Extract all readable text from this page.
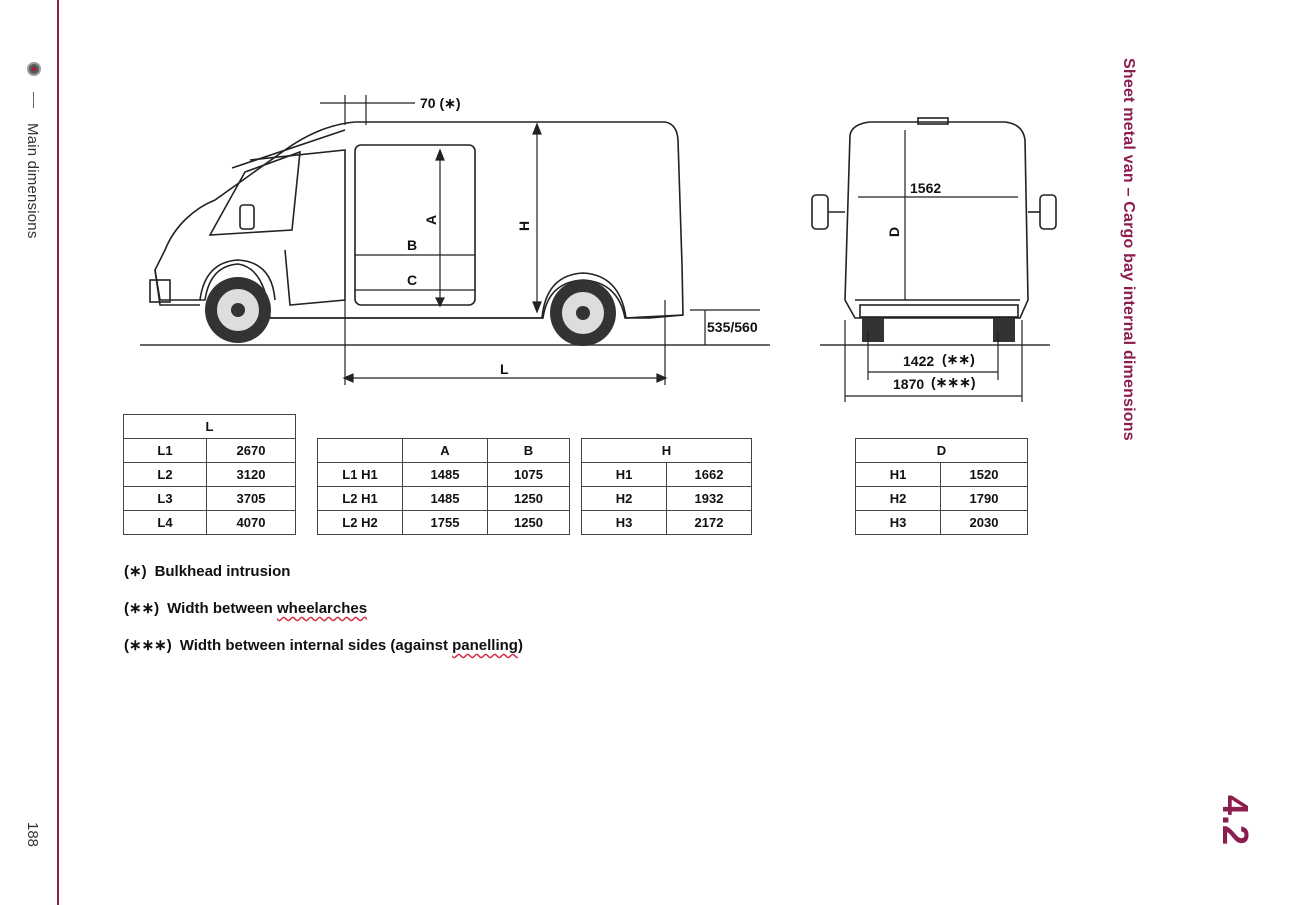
Main dimensions
188
Sheet metal van – Cargo bay internal dimensions
4.2
70 (∗)
A
B
C
H
L
535/560
1562
D
1422 (∗∗)
1870 (∗∗∗)
L	
L1	2670
L2	3120
L3	3705
L4	4070
	A	B
L1 H1	1485	1075
L2 H1	1485	1250
L2 H2	1755	1250
H	
H1	1662
H2	1932
H3	2172
D	
H1	1520
H2	1790
H3	2030
(∗) Bulkhead intrusion
(∗∗) Width between wheelarches
(∗∗∗) Width between internal sides (against panelling)
